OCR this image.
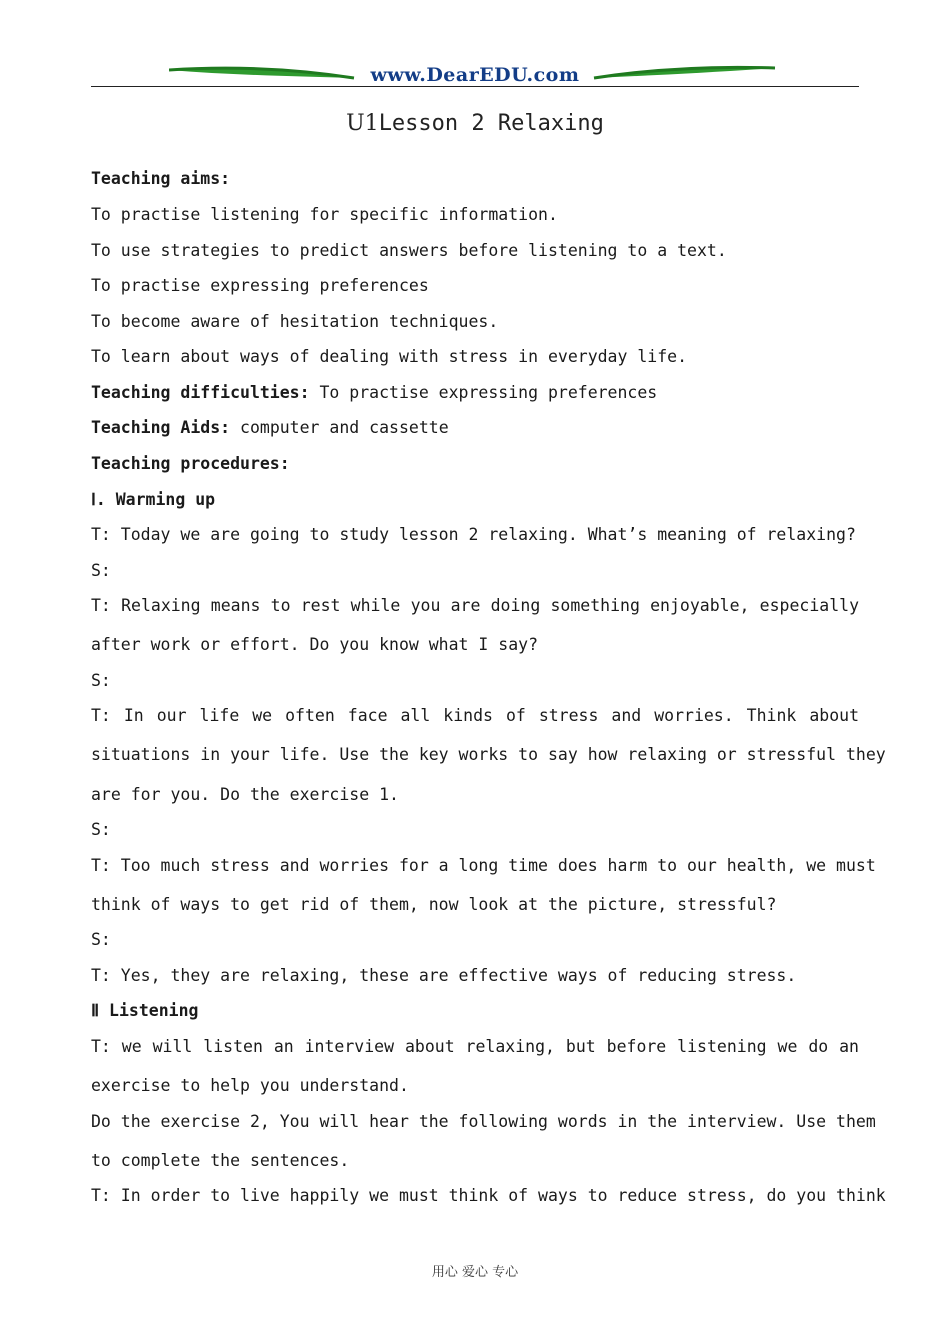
www.DearEDU.com
U1Lesson 2 Relaxing
Teaching aims:
To practise listening for specific information.
To use strategies to predict answers before listening to a text.
To practise expressing preferences
To become aware of hesitation techniques.
To learn about ways of dealing with stress in everyday life.
Teaching difficulties: To practise expressing preferences
Teaching Aids: computer and cassette
Teaching procedures:
Ⅰ. Warming up
T: Today we are going to study lesson 2 relaxing. What’s meaning of relaxing?
S:
T: Relaxing means to rest while you are doing something enjoyable, especially
after work or effort. Do you know what I say?
S:
T: In our life we often face all kinds of stress and worries. Think about
situations in your life. Use the key works to say how relaxing or stressful they
are for you. Do the exercise 1.
S:
T: Too much stress and worries for a long time does harm to our health, we must
think of ways to get rid of them, now look at the picture, stressful?
S:
T: Yes, they are relaxing, these are effective ways of reducing stress.
Ⅱ Listening
T: we will listen an interview about relaxing, but before listening we do an
exercise to help you understand.
Do the exercise 2, You will hear the following words in the interview. Use them
to complete the sentences.
T: In order to live happily we must think of ways to reduce stress, do you think
用心 爱心 专心
